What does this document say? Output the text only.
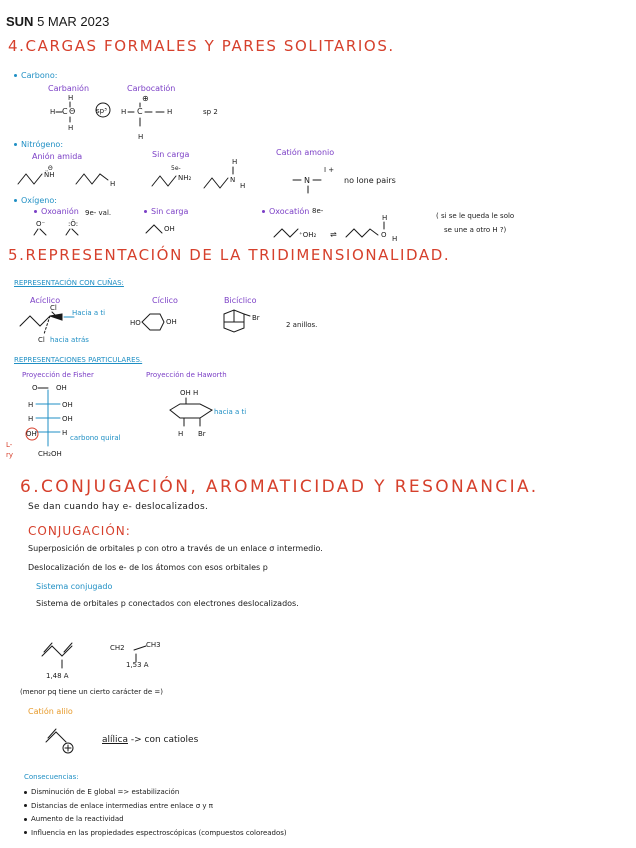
SUN 5 MAR 2023
4.CARGAS FORMALES Y PARES SOLITARIOS.
Carbono:
Carbanión	Carbocatión
H
H C Θ
H
sp³ H C
⊕
H
H
sp 2
Nitrógeno:
Anión amida	Sin carga	Catión amonio
N̈H
Θ
H
5e-
NH₂	N
H
H
I +
N	no lone pairs
Oxígeno:
Oxoanión 9e- val.	Sin carga	Oxocatión 8e-
O⁻	:Ö:
OH
⁺OH₂ ⇌	O
H
H
( si se le queda le solo
se une a otro H ?)
5.REPRESENTACIÓN DE LA TRIDIMENSIONALIDAD.
REPRESENTACIÓN CON CUÑAS:
Acíclico	Cíclico	Bicíclico
Cl
Cl
HO	OH	Br
Hacia a ti
hacia atrás
2 anillos.
REPRESENTACIONES PARTICULARES.
Proyección de Fisher	Proyección de Haworth
O	OH
H	OH
H	OH
OH	H
CH₂OH
OH H
H Br
carbono quiral
hacia a ti
L-
ry
6.CONJUGACIÓN, AROMATICIDAD Y RESONANCIA.
Se dan cuando hay e- deslocalizados.
CONJUGACIÓN:
Superposición de orbitales p con otro a través de un enlace σ intermedio.
Deslocalización de los e- de los átomos con esos orbitales p
Sistema conjugado
Sistema de orbitales p conectados con electrones deslocalizados.
CH2	CH3
1,53 A
1,48 A
(menor pq tiene un cierto carácter de =)
Catión alilo
alílica -> con catioles
Consecuencias:
Disminución de E global => estabilización
Distancias de enlace intermedias entre enlace σ y π
Aumento de la reactividad
Influencia en las propiedades espectroscópicas (compuestos coloreados)
